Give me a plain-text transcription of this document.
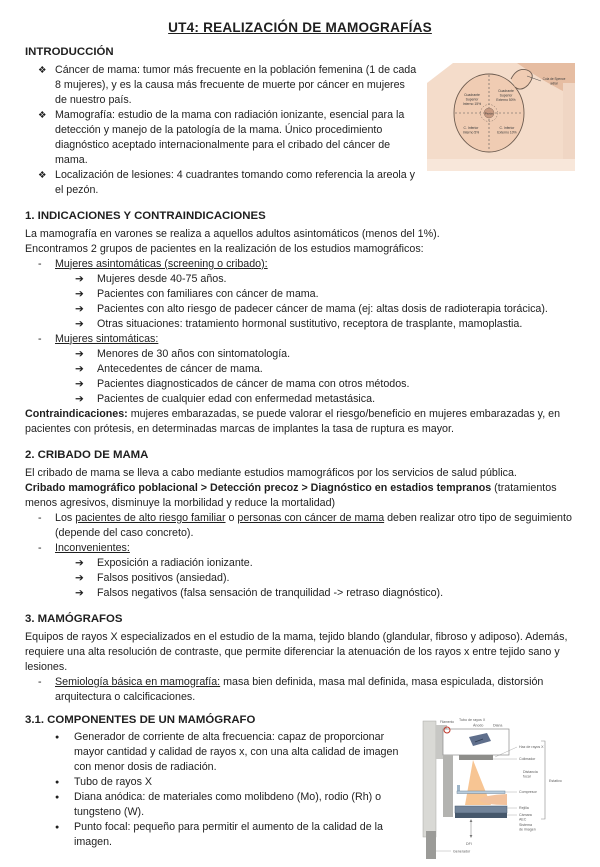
UT4: REALIZACIÓN DE MAMOGRAFÍAS
INTRODUCCIÓN
Cuadrante
Superior
Interno 15%
Cuadrante
Superior
Externo 50%
C. Inferior
Interno 5%
C. Inferior
Externo 10%
Pezón
Cola de Spence
axilar
❖ Cáncer de mama: tumor más frecuente en la población femenina (1 de cada 8 mujeres), y es la causa más frecuente de muerte por cáncer en mujeres de nuestro país.
❖ Mamografía: estudio de la mama con radiación ionizante, esencial para la detección y manejo de la patología de la mama. Único procedimiento diagnóstico aceptado internacionalmente para el cribado del cáncer de mama.
❖ Localización de lesiones: 4 cuadrantes tomando como referencia la areola y el pezón.
1. INDICACIONES Y CONTRAINDICACIONES

La mamografía en varones se realiza a aquellos adultos asintomáticos (menos del 1%).

Encontramos 2 grupos de pacientes en la realización de los estudios mamográficos:

-	Mujeres asintomáticas (screening o cribado):
➔	Mujeres desde 40-75 años.
➔	Pacientes con familiares con cáncer de mama.
➔	Pacientes con alto riesgo de padecer cáncer de mama (ej: altas dosis de radioterapia torácica).
➔	Otras situaciones: tratamiento hormonal sustitutivo, receptora de trasplante, mamoplastia.
-	Mujeres sintomáticas:
➔	Menores de 30 años con sintomatología.
➔	Antecedentes de cáncer de mama.
➔	Pacientes diagnosticados de cáncer de mama con otros métodos.
➔	Pacientes de cualquier edad con enfermedad metastásica.

Contraindicaciones: mujeres embarazadas, se puede valorar el riesgo/beneficio en mujeres embarazadas y, en pacientes con prótesis, en determinadas marcas de implantes la tasa de ruptura es mayor.

2. CRIBADO DE MAMA

El cribado de mama se lleva a cabo mediante estudios mamográficos por los servicios de salud pública.

Cribado mamográfico poblacional > Detección precoz > Diagnóstico en estadios tempranos (tratamientos menos agresivos, disminuye la morbilidad y reduce la mortalidad)

-	Los pacientes de alto riesgo familiar o personas con cáncer de mama deben realizar otro tipo de seguimiento (depende del caso concreto).
-	Inconvenientes:
➔	Exposición a radiación ionizante.
➔	Falsos positivos (ansiedad).
➔	Falsos negativos (falsa sensación de tranquilidad -> retraso diagnóstico).
3. MAMÓGRAFOS

Equipos de rayos X especializados en el estudio de la mama, tejido blando (glandular, fibroso y adiposo). Además, requiere una alta resolución de contraste, que permite diferenciar la atenuación de los rayos x entre tejido sano y lesiones.

-	Semiología básica en mamografía: masa bien definida, masa mal definida, masa espiculada, distorsión arquitectura o calcificaciones.
Tubo de rayos X
Ánodo	Diana
Filamento
Haz de rayos X
Colimador
Distancia
focal
Compresor
Rejilla
Cámara
AEC
Sistema
de imagen
Estativo
DFI
Generador
3.1. COMPONENTES DE UN MAMÓGRAFO
●	Generador de corriente de alta frecuencia: capaz de proporcionar mayor cantidad y calidad de rayos x, con una alta calidad de imagen con menor dosis de radiación.
●	Tubo de rayos X
●	Diana anódica: de materiales como molibdeno (Mo), rodio (Rh) o tungsteno (W).
●	Punto focal: pequeño para permitir el aumento de la calidad de la imagen.
